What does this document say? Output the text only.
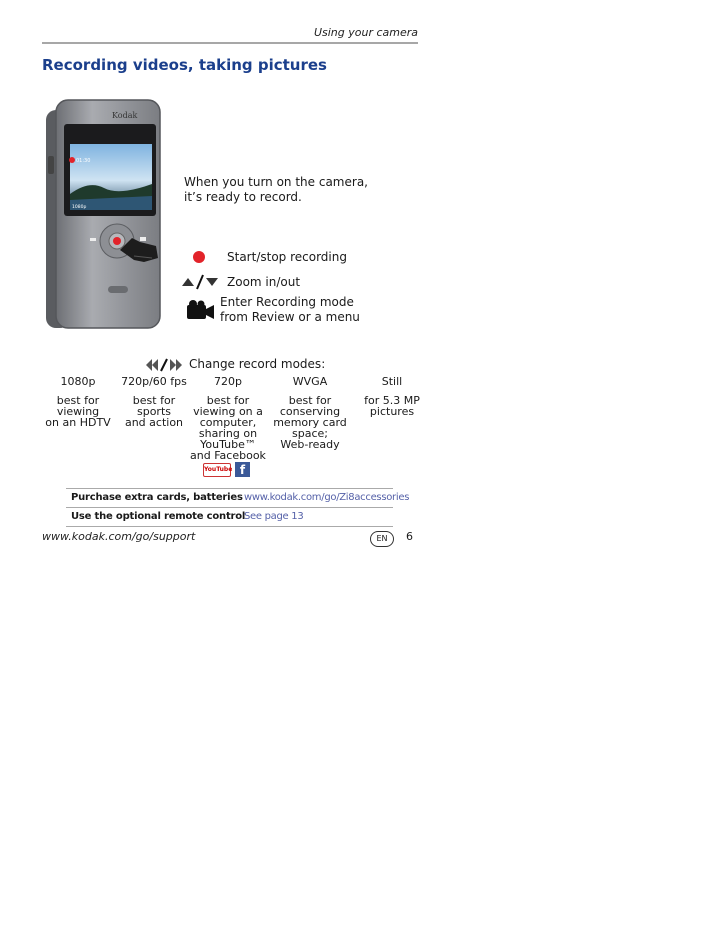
Using your camera
Recording videos, taking pictures
Kodak
01:30
1080p
When you turn on the camera,
it’s ready to record.
Start/stop recording
Zoom in/out
Enter Recording mode
from Review or a menu
Change record modes:
1080p
best for
viewing
on an HDTV
720p/60 fps
best for
sports
and action
720p
best for
viewing on a
computer,
sharing on
YouTube™
and Facebook
WVGA
best for
conserving
memory card
space;
Web-ready
Still
for 5.3 MP
pictures
YouTube f
Purchase extra cards, batteries www.kodak.com/go/Zi8accessories
Use the optional remote control
See page 13
www.kodak.com/go/support	EN	6
